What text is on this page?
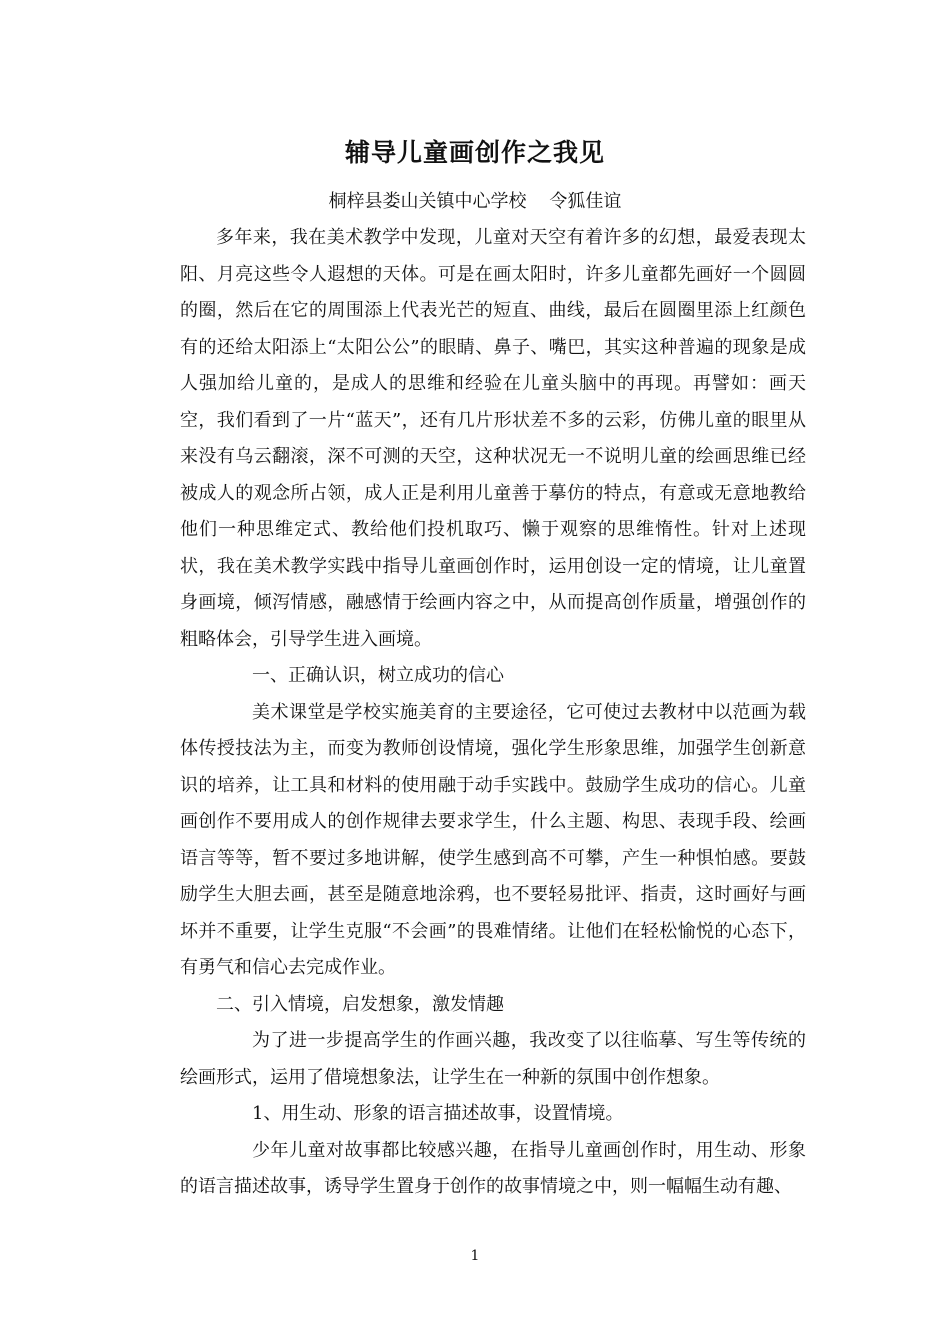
辅导儿童画创作之我见
桐梓县娄山关镇中心学校    令狐佳谊

多年来，我在美术教学中发现，儿童对天空有着许多的幻想，最爱表现太阳、月亮这些令人遐想的天体。可是在画太阳时，许多儿童都先画好一个圆圆的圈，然后在它的周围添上代表光芒的短直、曲线，最后在圆圈里添上红颜色有的还给太阳添上“太阳公公”的眼睛、鼻子、嘴巴，其实这种普遍的现象是成人强加给儿童的，是成人的思维和经验在儿童头脑中的再现。再譬如：画天空，我们看到了一片“蓝天”，还有几片形状差不多的云彩，仿佛儿童的眼里从来没有乌云翻滚，深不可测的天空，这种状况无一不说明儿童的绘画思维已经被成人的观念所占领，成人正是利用儿童善于摹仿的特点，有意或无意地教给他们一种思维定式、教给他们投机取巧、懒于观察的思维惰性。针对上述现状，我在美术教学实践中指导儿童画创作时，运用创设一定的情境，让儿童置身画境，倾泻情感，融感情于绘画内容之中，从而提高创作质量，增强创作的粗略体会，引导学生进入画境。

一、正确认识，树立成功的信心

美术课堂是学校实施美育的主要途径，它可使过去教材中以范画为载体传授技法为主，而变为教师创设情境，强化学生形象思维，加强学生创新意识的培养，让工具和材料的使用融于动手实践中。鼓励学生成功的信心。儿童画创作不要用成人的创作规律去要求学生，什么主题、构思、表现手段、绘画语言等等，暂不要过多地讲解，使学生感到高不可攀，产生一种惧怕感。要鼓励学生大胆去画，甚至是随意地涂鸦，也不要轻易批评、指责，这时画好与画坏并不重要，让学生克服“不会画”的畏难情绪。让他们在轻松愉悦的心态下，有勇气和信心去完成作业。

二、引入情境，启发想象，激发情趣

为了进一步提高学生的作画兴趣，我改变了以往临摹、写生等传统的绘画形式，运用了借境想象法，让学生在一种新的氛围中创作想象。

1、用生动、形象的语言描述故事，设置情境。

少年儿童对故事都比较感兴趣，在指导儿童画创作时，用生动、形象的语言描述故事，诱导学生置身于创作的故事情境之中，则一幅幅生动有趣、

1
